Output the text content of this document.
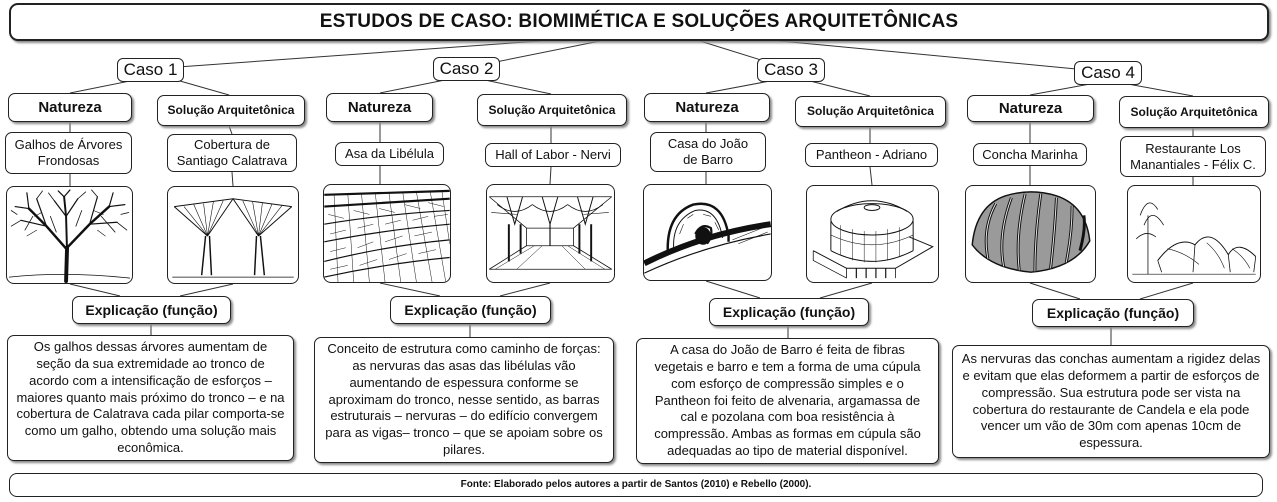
ESTUDOS DE CASO: BIOMIMÉTICA E SOLUÇÕES ARQUITETÔNICAS
Caso 1
Natureza	Solução Arquitetônica
Galhos de Árvores Frondosas
Cobertura de Santiago Calatrava
Explicação (função)
Os galhos dessas árvores aumentam de seção da sua extremidade ao tronco de acordo com a intensificação de esforços – maiores quanto mais próximo do tronco – e na cobertura de Calatrava cada pilar comporta-se como um galho, obtendo uma solução mais econômica.
Caso 2
Natureza	Solução Arquitetônica
Asa da Libélula	Hall of Labor - Nervi
Explicação (função)
Conceito de estrutura como caminho de forças: as nervuras das asas das libélulas vão aumentando de espessura conforme se aproximam do tronco, nesse sentido, as barras estruturais – nervuras – do edifício convergem para as vigas– tronco – que se apoiam sobre os pilares.
Caso 3
Natureza	Solução Arquitetônica
Casa do João de Barro	Pantheon - Adriano
Explicação (função)
A casa do João de Barro é feita de fibras vegetais e barro e tem a forma de uma cúpula com esforço de compressão simples e o Pantheon foi feito de alvenaria, argamassa de cal e pozolana com boa resistência à compressão. Ambas as formas em cúpula são adequadas ao tipo de material disponível.
Caso 4
Natureza	Solução Arquitetônica
Concha Marinha	Restaurante Los Manantiales - Félix C.
Explicação (função)
As nervuras das conchas aumentam a rigidez delas e evitam que elas deformem a partir de esforços de compressão. Sua estrutura pode ser vista na cobertura do restaurante de Candela e ela pode vencer um vão de 30m com apenas 10cm de espessura.
Fonte: Elaborado pelos autores a partir de Santos (2010) e Rebello (2000).
